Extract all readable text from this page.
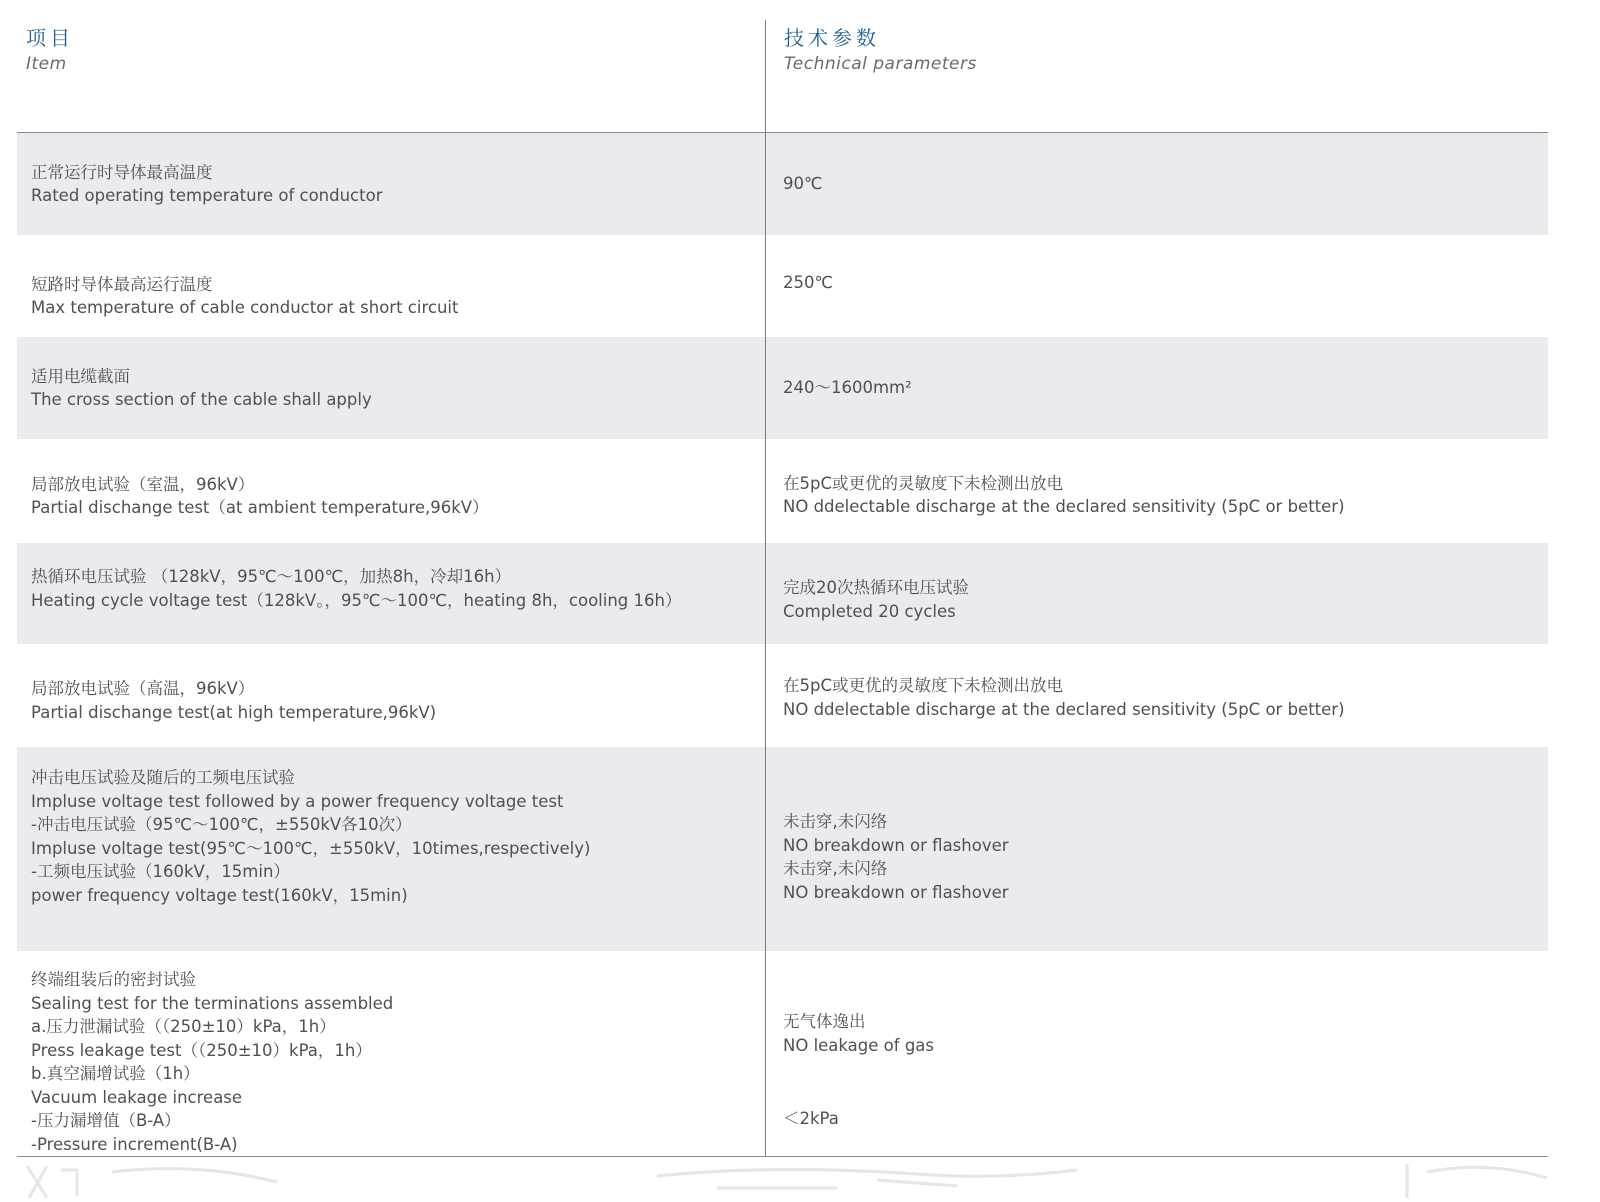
项目
Item
技术参数
Technical parameters
正常运行时导体最高温度
Rated operating temperature of conductor
90℃
短路时导体最高运行温度
Max temperature of cable conductor at short circuit
250℃
适用电缆截面
The cross section of the cable shall apply
240～1600mm²
局部放电试验（室温，96kV）
Partial dischange test（at ambient temperature,96kV）
在5pC或更优的灵敏度下未检测出放电
NO ddelectable discharge at the declared sensitivity (5pC or better)
热循环电压试验 （128kV，95℃～100℃，加热8h，冷却16h）
Heating cycle voltage test（128kV。，95℃～100℃，heating 8h，cooling 16h）
完成20次热循环电压试验
Completed 20 cycles
局部放电试验（高温，96kV）
Partial dischange test(at high temperature,96kV)
在5pC或更优的灵敏度下未检测出放电
NO ddelectable discharge at the declared sensitivity (5pC or better)
冲击电压试验及随后的工频电压试验
Impluse voltage test followed by a power frequency voltage test
-冲击电压试验（95℃～100℃，±550kV各10次）
Impluse voltage test(95℃～100℃，±550kV，10times,respectively)
-工频电压试验（160kV，15min）
power frequency voltage test(160kV，15min)
未击穿,未闪络
NO breakdown or flashover
未击穿,未闪络
NO breakdown or flashover
终端组装后的密封试验
Sealing test for the terminations assembled
a.压力泄漏试验（（250±10）kPa，1h）
Press leakage test（（250±10）kPa，1h）
b.真空漏增试验（1h）
Vacuum leakage increase
-压力漏增值（B-A）
-Pressure increment(B-A)
无气体逸出
NO leakage of gas
＜2kPa
